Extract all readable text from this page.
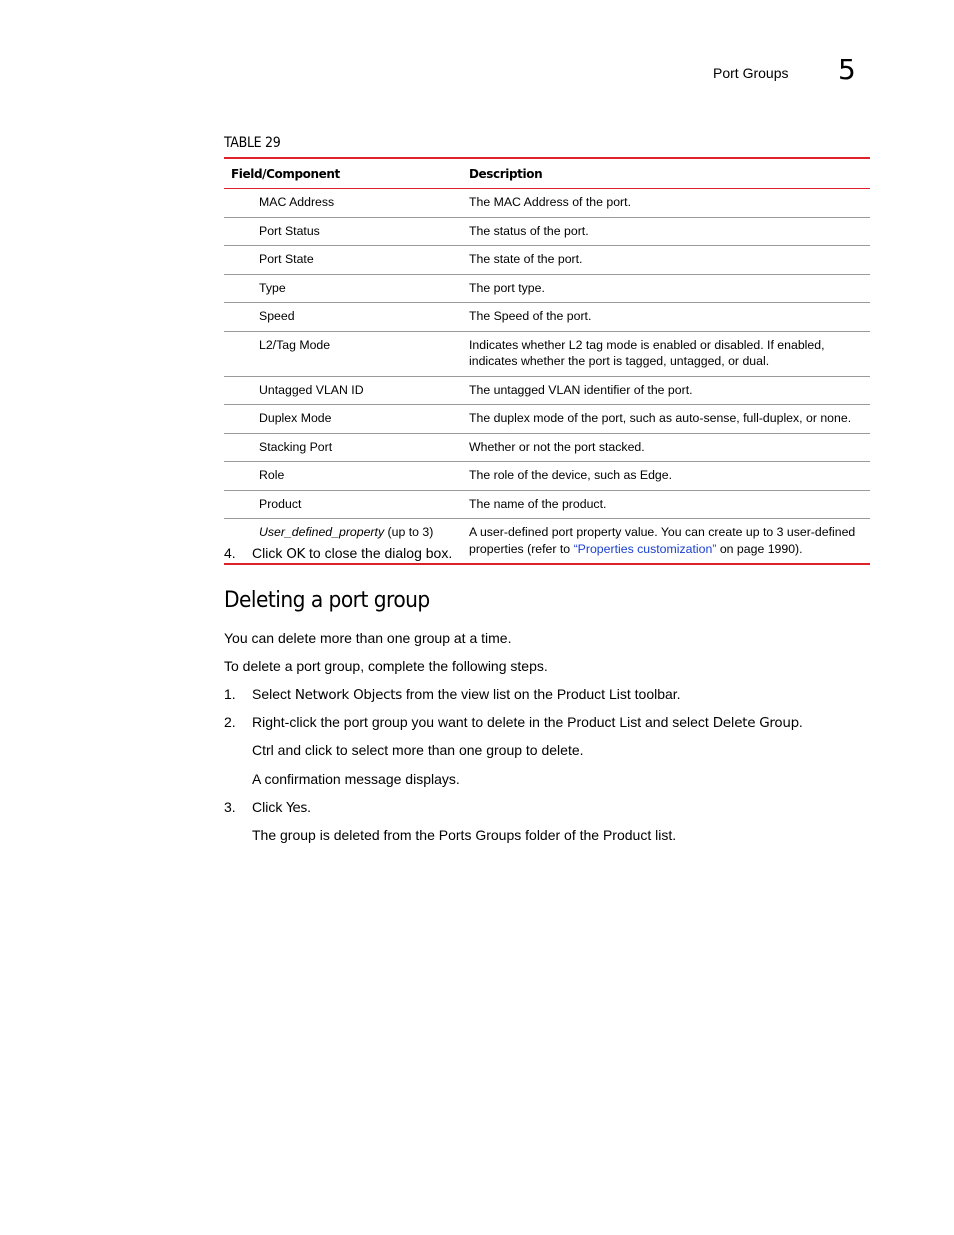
Port Groups 5
TABLE 29
Field/Component	Description
MAC Address	The MAC Address of the port.
Port Status	The status of the port.
Port State	The state of the port.
Type	The port type.
Speed	The Speed of the port.
L2/Tag Mode	Indicates whether L2 tag mode is enabled or disabled. If enabled, indicates whether the port is tagged, untagged, or dual.
Untagged VLAN ID	The untagged VLAN identifier of the port.
Duplex Mode	The duplex mode of the port, such as auto-sense, full-duplex, or none.
Stacking Port	Whether or not the port stacked.
Role	The role of the device, such as Edge.
Product	The name of the product.
User_defined_property (up to 3)	A user-defined port property value. You can create up to 3 user-defined properties (refer to “Properties customization” on page 1990).
4. Click OK to close the dialog box.
Deleting a port group
You can delete more than one group at a time.
To delete a port group, complete the following steps.
1. Select Network Objects from the view list on the Product List toolbar.
2. Right-click the port group you want to delete in the Product List and select Delete Group.
Ctrl and click to select more than one group to delete.
A confirmation message displays.
3. Click Yes.
The group is deleted from the Ports Groups folder of the Product list.
